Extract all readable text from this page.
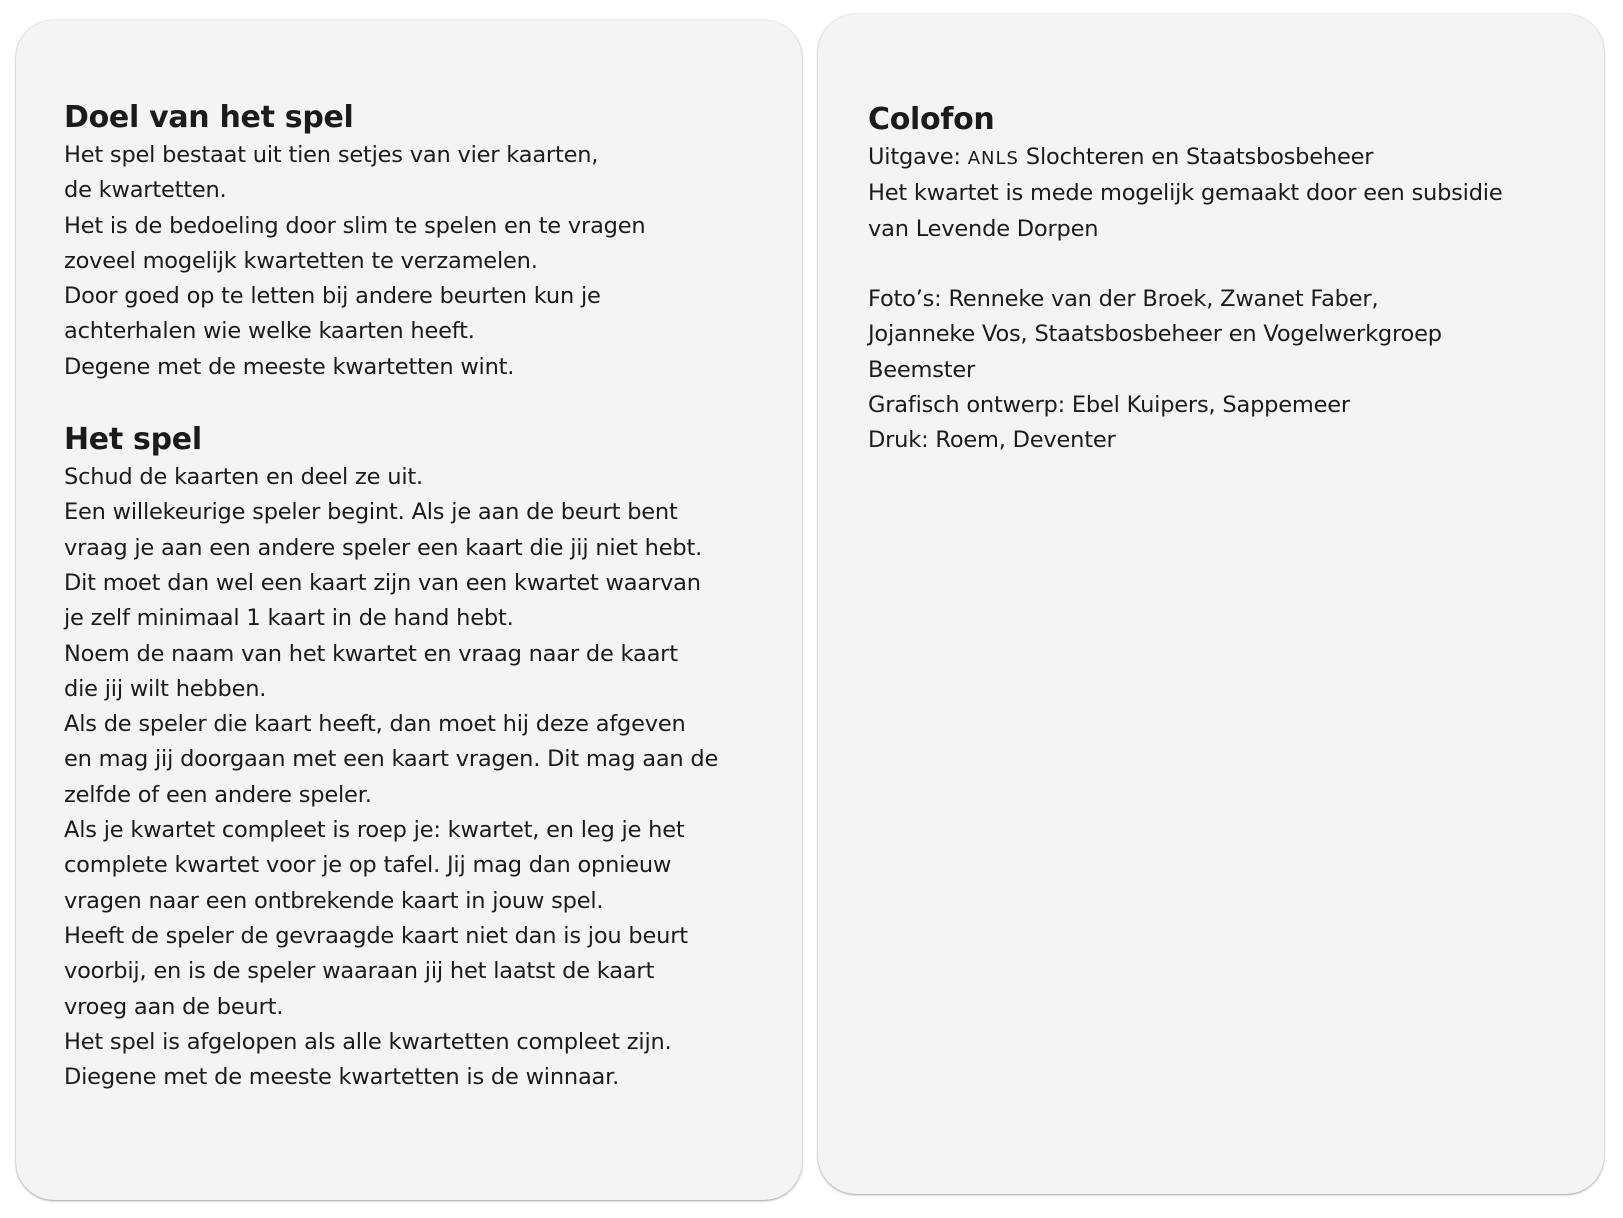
Doel van het spel
Het spel bestaat uit tien setjes van vier kaarten,
de kwartetten.
Het is de bedoeling door slim te spelen en te vragen
zoveel mogelijk kwartetten te verzamelen.
Door goed op te letten bij andere beurten kun je
achterhalen wie welke kaarten heeft.
Degene met de meeste kwartetten wint.
Het spel
Schud de kaarten en deel ze uit.
Een willekeurige speler begint. Als je aan de beurt bent
vraag je aan een andere speler een kaart die jij niet hebt.
Dit moet dan wel een kaart zijn van een kwartet waarvan
je zelf minimaal 1 kaart in de hand hebt.
Noem de naam van het kwartet en vraag naar de kaart
die jij wilt hebben.
Als de speler die kaart heeft, dan moet hij deze afgeven
en mag jij doorgaan met een kaart vragen. Dit mag aan de
zelfde of een andere speler.
Als je kwartet compleet is roep je: kwartet, en leg je het
complete kwartet voor je op tafel. Jij mag dan opnieuw
vragen naar een ontbrekende kaart in jouw spel.
Heeft de speler de gevraagde kaart niet dan is jou beurt
voorbij, en is de speler waaraan jij het laatst de kaart
vroeg aan de beurt.
Het spel is afgelopen als alle kwartetten compleet zijn.
Diegene met de meeste kwartetten is de winnaar.
Colofon
Uitgave: ANLS Slochteren en Staatsbosbeheer
Het kwartet is mede mogelijk gemaakt door een subsidie
van Levende Dorpen
Foto’s: Renneke van der Broek, Zwanet Faber,
Jojanneke Vos, Staatsbosbeheer en Vogelwerkgroep
Beemster
Grafisch ontwerp: Ebel Kuipers, Sappemeer
Druk: Roem, Deventer
